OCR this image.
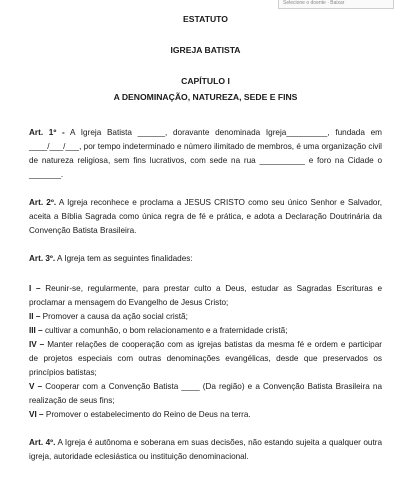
Selecione o doente · Baixar
ESTATUTO
IGREJA BATISTA
CAPÍTULO I
A DENOMINAÇÃO, NATUREZA, SEDE E FINS

Art. 1º - A Igreja Batista ______, doravante denominada Igreja_________, fundada em ____/___/___, por tempo indeterminado e número ilimitado de membros, é uma organização civil de natureza religiosa, sem fins lucrativos, com sede na rua __________ e foro na Cidade o _______.

Art. 2º. A Igreja reconhece e proclama a JESUS CRISTO como seu único Senhor e Salvador, aceita a Bíblia Sagrada como única regra de fé e prática, e adota a Declaração Doutrinária da Convenção Batista Brasileira.

Art. 3º. A Igreja tem as seguintes finalidades:

I – Reunir-se, regularmente, para prestar culto a Deus, estudar as Sagradas Escrituras e proclamar a mensagem do Evangelho de Jesus Cristo;

II – Promover a causa da ação social cristã;

III – cultivar a comunhão, o bom relacionamento e a fraternidade cristã;

IV – Manter relações de cooperação com as igrejas batistas da mesma fé e ordem e participar de projetos especiais com outras denominações evangélicas, desde que preservados os princípios batistas;

V – Cooperar com a Convenção Batista ____ (Da região) e a Convenção Batista Brasileira na realização de seus fins;

VI – Promover o estabelecimento do Reino de Deus na terra.

Art. 4º. A Igreja é autônoma e soberana em suas decisões, não estando sujeita a qualquer outra igreja, autoridade eclesiástica ou instituição denominacional.
